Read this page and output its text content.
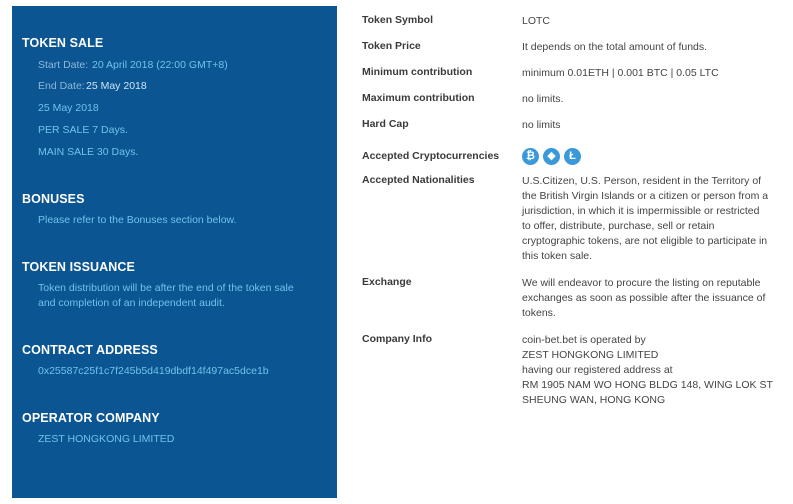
TOKEN SALE
Start Date: 20 April 2018 (22:00 GMT+8)
End Date: 25 May 2018
25 May 2018
PER SALE 7 Days.
MAIN SALE 30 Days.
BONUSES
Please refer to the Bonuses section below.
TOKEN ISSUANCE
Token distribution will be after the end of the token sale
and completion of an independent audit.
CONTRACT ADDRESS
0x25587c25f1c7f245b5d419dbdf14f497ac5dce1b
OPERATOR COMPANY
ZEST HONGKONG LIMITED
Token Symbol	LOTC
Token Price	It depends on the total amount of funds.
Minimum contribution	minimum 0.01ETH | 0.001 BTC | 0.05 LTC
Maximum contribution	no limits.
Hard Cap	no limits
Accepted Cryptocurrencies	₿	◆	Ł
Accepted Nationalities	U.S.Citizen, U.S. Person, resident in the Territory of
the British Virgin Islands or a citizen or person from a
jurisdiction, in which it is impermissible or restricted
to offer, distribute, purchase, sell or retain
cryptographic tokens, are not eligible to participate in
this token sale.
Exchange	We will endeavor to procure the listing on reputable
exchanges as soon as possible after the issuance of
tokens.
Company Info	coin-bet.bet is operated by
ZEST HONGKONG LIMITED
having our registered address at
RM 1905 NAM WO HONG BLDG 148, WING LOK ST
SHEUNG WAN, HONG KONG
